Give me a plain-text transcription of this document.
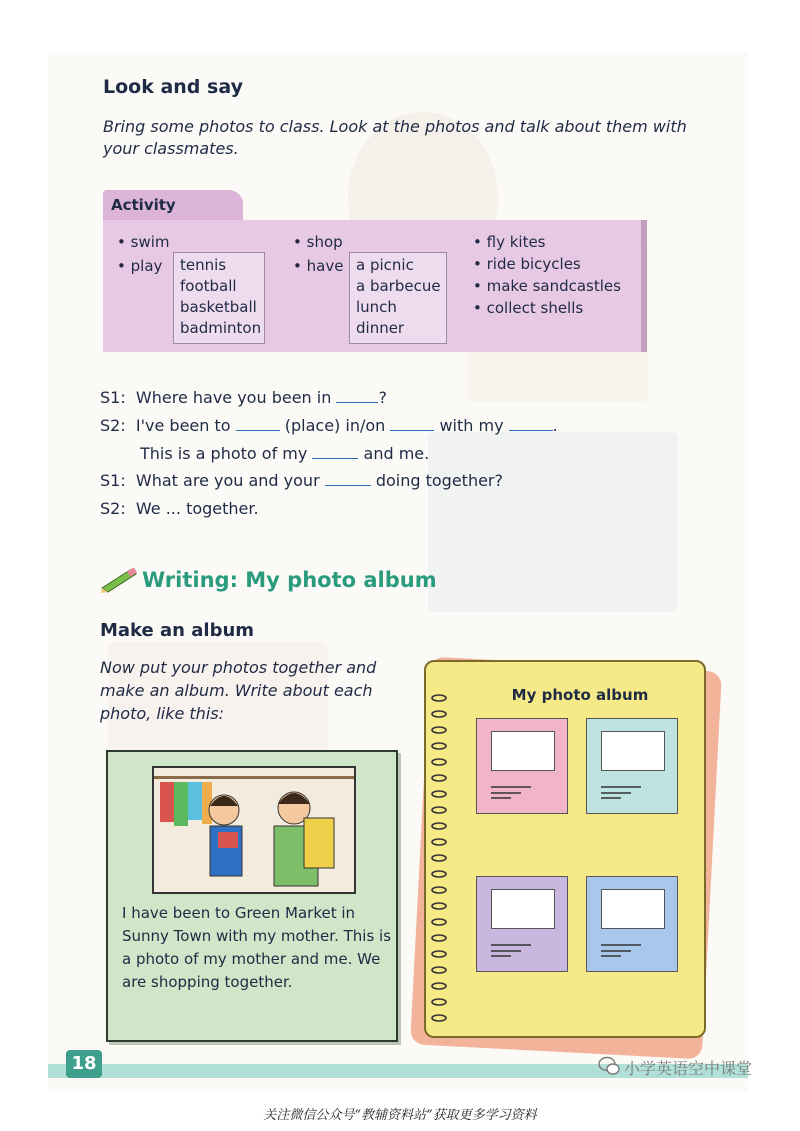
Look and say
Bring some photos to class. Look at the photos and talk about them with your classmates.
Activity
• swim
• play tennis
football
basketball
badminton
• shop
• have a picnic
a barbecue
lunch
dinner
• fly kites
• ride bicycles
• make sandcastles
• collect shells
S1: Where have you been in	?
S2: I've been to	(place) in/on	with my	.
This is a photo of my	and me.
S1: What are you and your	doing together?
S2: We ... together.
Writing: My photo album
Make an album
Now put your photos together and make an album. Write about each photo, like this:
I have been to Green Market in Sunny Town with my mother. This is a photo of my mother and me. We are shopping together.
My photo album
18	小学英语空中课堂
关注微信公众号“教辅资料站”获取更多学习资料
